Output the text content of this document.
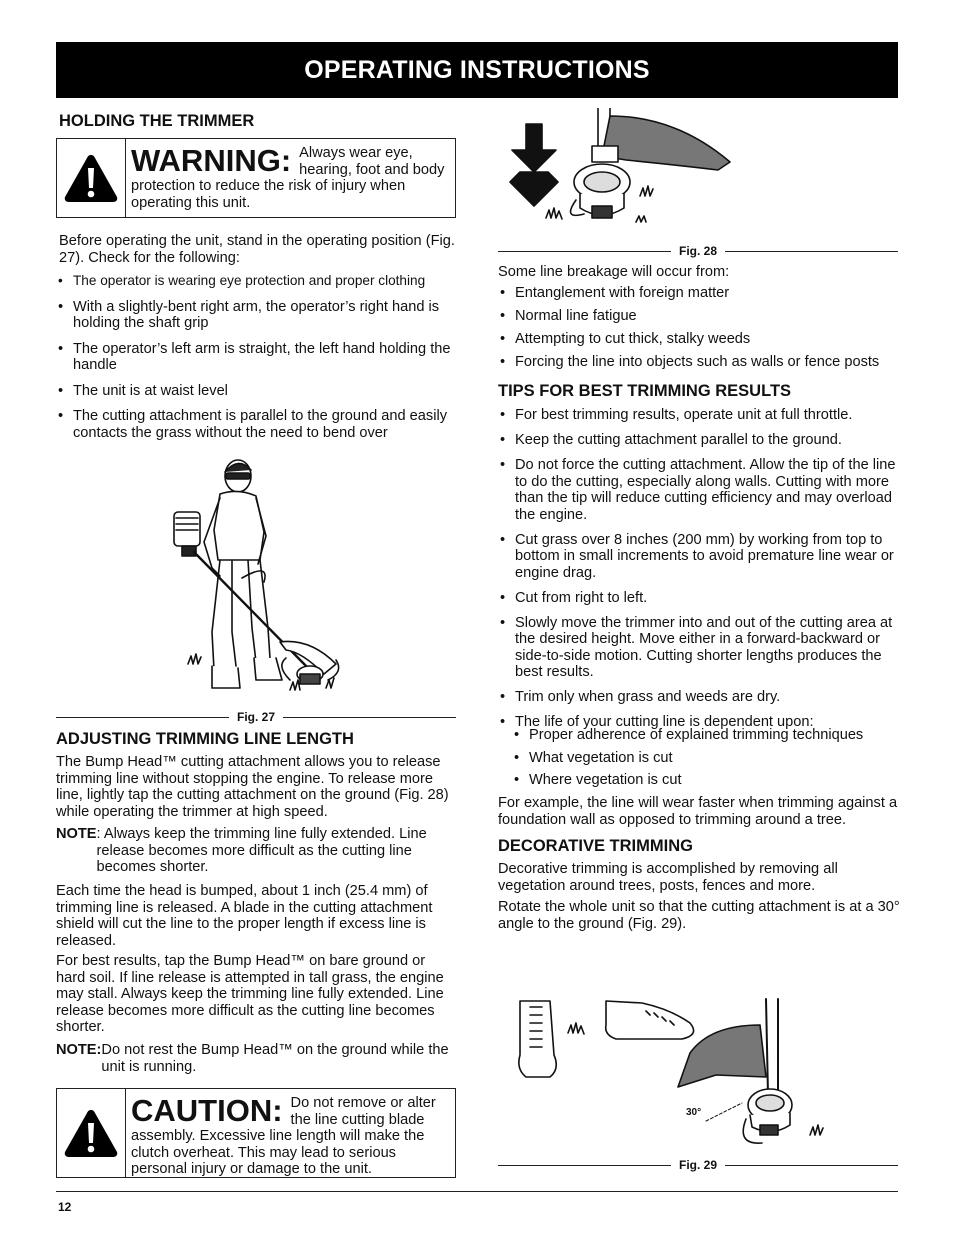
OPERATING INSTRUCTIONS
HOLDING THE TRIMMER
WARNING: Always wear eye, hearing, foot and body protection to reduce the risk of injury when operating this unit.
Before operating the unit, stand in the operating position (Fig. 27). Check for the following:
• The operator is wearing eye protection and proper clothing
• With a slightly-bent right arm, the operator’s right hand is holding the shaft grip
• The operator’s left arm is straight, the left hand holding the handle
• The unit is at waist level
• The cutting attachment is parallel to the ground and easily contacts the grass without the need to bend over
Fig. 27
ADJUSTING TRIMMING LINE LENGTH
The Bump Head™ cutting attachment allows you to release trimming line without stopping the engine. To release more line, lightly tap the cutting attachment on the ground (Fig. 28) while operating the trimmer at high speed.
NOTE : Always keep the trimming line fully extended. Line release becomes more difficult as the cutting line becomes shorter.
Each time the head is bumped, about 1 inch (25.4 mm) of trimming line is released. A blade in the cutting attachment shield will cut the line to the proper length if excess line is released.
For best results, tap the Bump Head™ on bare ground or hard soil. If line release is attempted in tall grass, the engine may stall. Always keep the trimming line fully extended. Line release becomes more difficult as the cutting line becomes shorter.
NOTE: Do not rest the Bump Head™ on the ground while the unit is running.
CAUTION: Do not remove or alter the line cutting blade assembly. Excessive line length will make the clutch overheat. This may lead to serious personal injury or damage to the unit.
Fig. 28
Some line breakage will occur from:
• Entanglement with foreign matter
• Normal line fatigue
• Attempting to cut thick, stalky weeds
• Forcing the line into objects such as walls or fence posts
TIPS FOR BEST TRIMMING RESULTS
• For best trimming results, operate unit at full throttle.
• Keep the cutting attachment parallel to the ground.
• Do not force the cutting attachment. Allow the tip of the line to do the cutting, especially along walls. Cutting with more than the tip will reduce cutting efficiency and may overload the engine.
• Cut grass over 8 inches (200 mm) by working from top to bottom in small increments to avoid premature line wear or engine drag.
• Cut from right to left.
• Slowly move the trimmer into and out of the cutting area at the desired height. Move either in a forward-backward or side-to-side motion. Cutting shorter lengths produces the best results.
• Trim only when grass and weeds are dry.
• The life of your cutting line is dependent upon:
• Proper adherence of explained trimming techniques
• What vegetation is cut
• Where vegetation is cut
For example, the line will wear faster when trimming against a foundation wall as opposed to trimming around a tree.
DECORATIVE TRIMMING
Decorative trimming is accomplished by removing all vegetation around trees, posts, fences and more.
Rotate the whole unit so that the cutting attachment is at a 30° angle to the ground (Fig. 29).
30°
Fig. 29
12
